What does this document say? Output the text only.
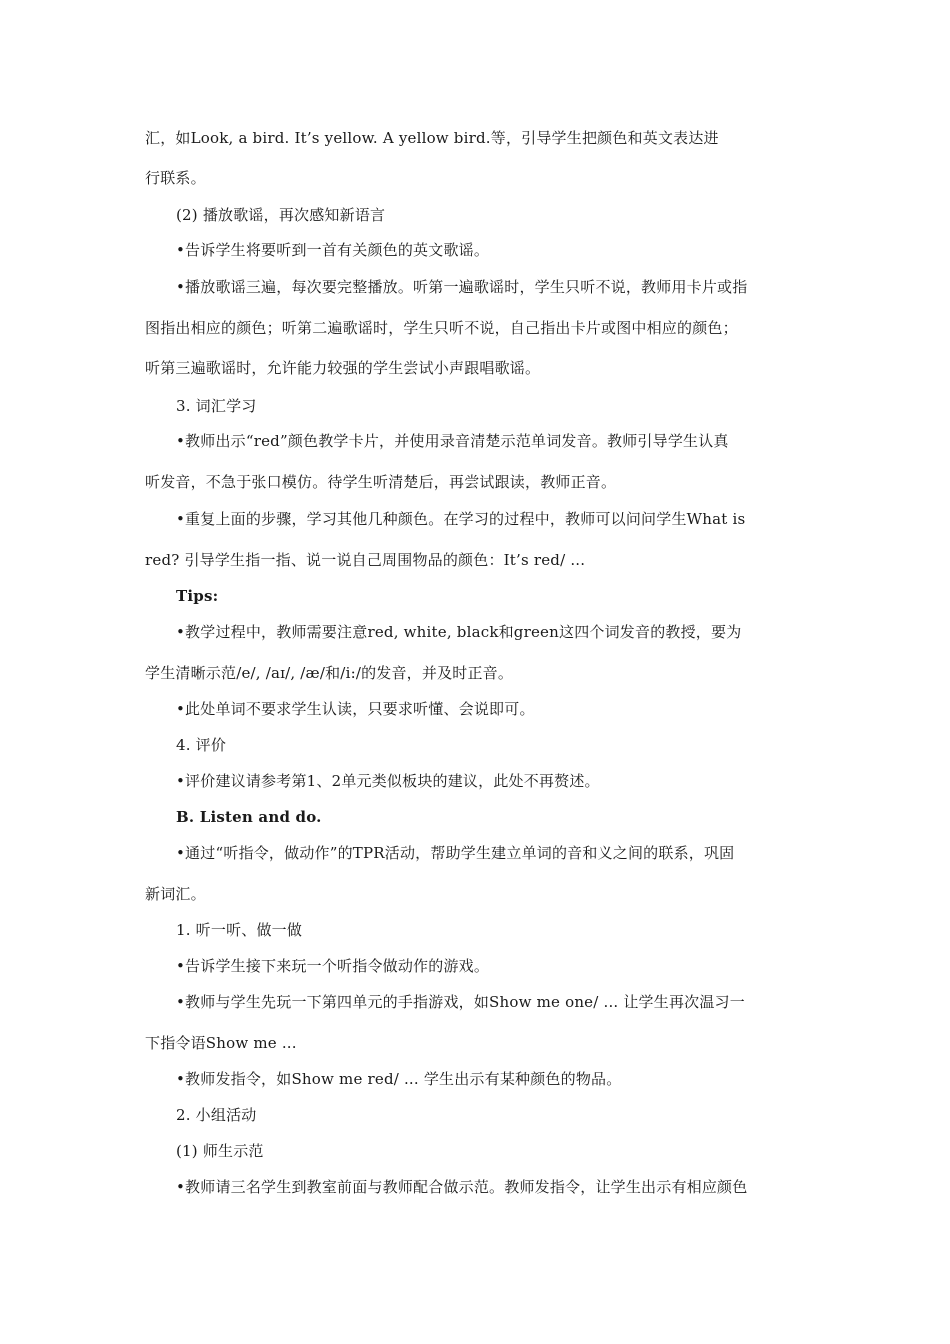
汇，如Look, a bird. It’s yellow. A yellow bird.等，引导学生把颜色和英文表达进
行联系。
(2) 播放歌谣，再次感知新语言
•告诉学生将要听到一首有关颜色的英文歌谣。
•播放歌谣三遍，每次要完整播放。听第一遍歌谣时，学生只听不说，教师用卡片或指
图指出相应的颜色；听第二遍歌谣时，学生只听不说，自己指出卡片或图中相应的颜色；
听第三遍歌谣时，允许能力较强的学生尝试小声跟唱歌谣。
3. 词汇学习
•教师出示“red”颜色教学卡片，并使用录音清楚示范单词发音。教师引导学生认真
听发音，不急于张口模仿。待学生听清楚后，再尝试跟读，教师正音。
•重复上面的步骤，学习其他几种颜色。在学习的过程中，教师可以问问学生What is
red? 引导学生指一指、说一说自己周围物品的颜色：It’s red/ ...
Tips:
•教学过程中，教师需要注意red, white, black和green这四个词发音的教授，要为
学生清晰示范/e/, /aɪ/, /æ/和/i:/的发音，并及时正音。
•此处单词不要求学生认读，只要求听懂、会说即可。
4. 评价
•评价建议请参考第1、2单元类似板块的建议，此处不再赘述。
B. Listen and do.
•通过“听指令，做动作”的TPR活动，帮助学生建立单词的音和义之间的联系，巩固
新词汇。
1. 听一听、做一做
•告诉学生接下来玩一个听指令做动作的游戏。
•教师与学生先玩一下第四单元的手指游戏，如Show me one/ ... 让学生再次温习一
下指令语Show me ...
•教师发指令，如Show me red/ ... 学生出示有某种颜色的物品。
2. 小组活动
(1) 师生示范
•教师请三名学生到教室前面与教师配合做示范。教师发指令，让学生出示有相应颜色
